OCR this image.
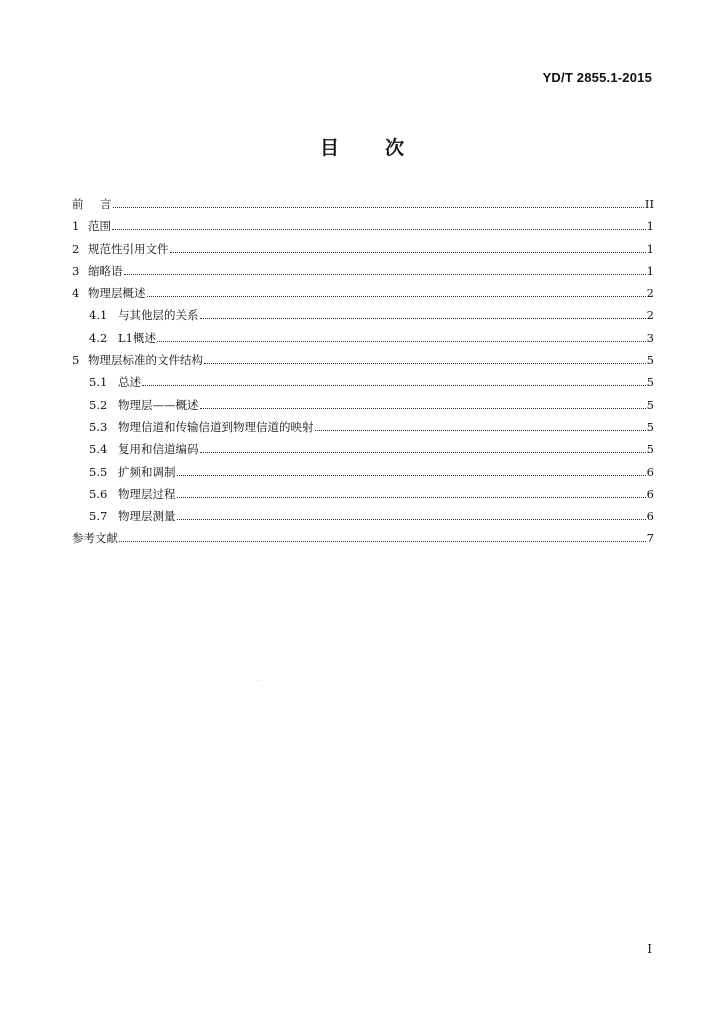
YD/T 2855.1-2015
目 次
前	言	II
1 范围	1
2 规范性引用文件	1
3 缩略语	1
4 物理层概述	2
4.1 与其他层的关系	2
4.2 L1概述	3
5 物理层标准的文件结构	5
5.1 总述	5
5.2 物理层——概述	5
5.3 物理信道和传输信道到物理信道的映射	5
5.4 复用和信道编码	5
5.5 扩频和调制	6
5.6 物理层过程	6
5.7 物理层测量	6
参考文献	7
··
I
